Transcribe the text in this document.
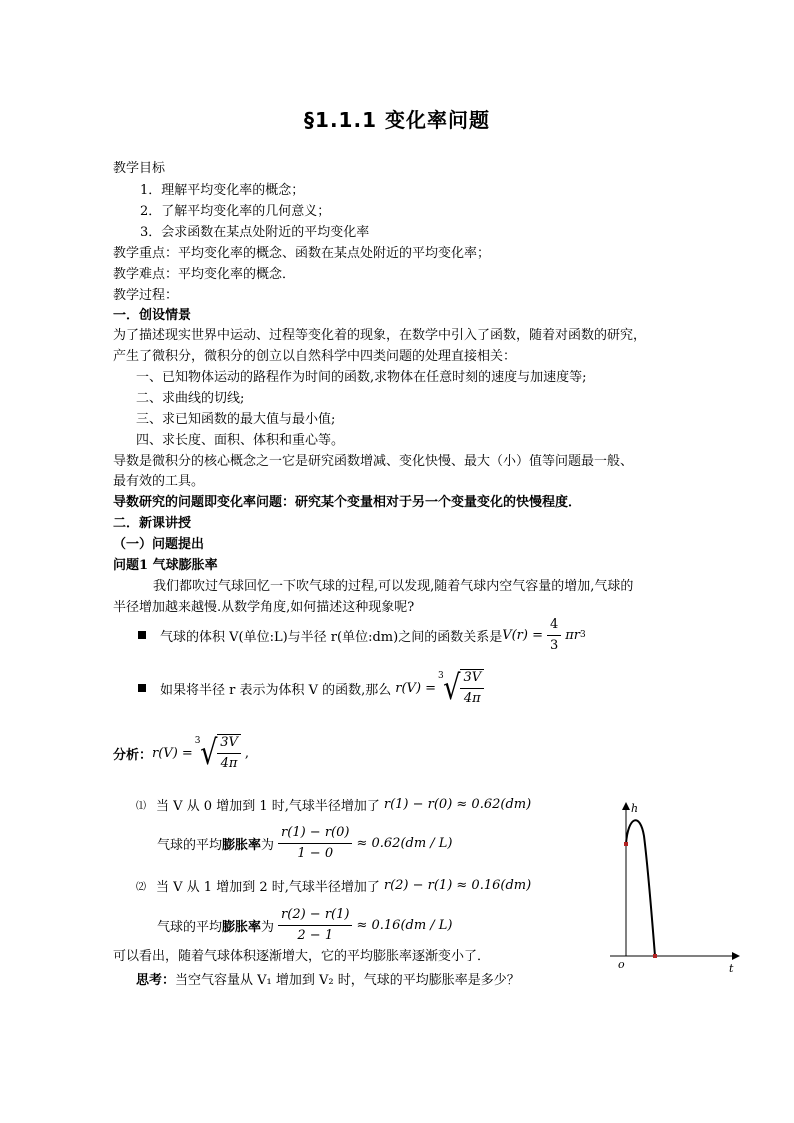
§1.1.1 变化率问题
教学目标
1．理解平均变化率的概念；
2．了解平均变化率的几何意义；
3．会求函数在某点处附近的平均变化率
教学重点：平均变化率的概念、函数在某点处附近的平均变化率；
教学难点：平均变化率的概念．
教学过程：
一．创设情景
为了描述现实世界中运动、过程等变化着的现象，在数学中引入了函数，随着对函数的研究，
产生了微积分，微积分的创立以自然科学中四类问题的处理直接相关：
一、已知物体运动的路程作为时间的函数,求物体在任意时刻的速度与加速度等;
二、求曲线的切线;
三、求已知函数的最大值与最小值;
四、求长度、面积、体积和重心等。
导数是微积分的核心概念之一它是研究函数增减、变化快慢、最大（小）值等问题最一般、
最有效的工具。
导数研究的问题即变化率问题：研究某个变量相对于另一个变量变化的快慢程度．
二．新课讲授
（一）问题提出
问题1 气球膨胀率
我们都吹过气球回忆一下吹气球的过程,可以发现,随着气球内空气容量的增加,气球的
半径增加越来越慢.从数学角度,如何描述这种现象呢?
气球的体积 V(单位:L)与半径 r(单位:dm)之间的函数关系是 $V(r) = \frac{4}{3}$ πr 3
如果将半径 r 表示为体积 V 的函数,那么 r(V) =
3 √ $\frac{3V}{4\pi}$
分析： r(V) =
3 √ $\frac{3V}{4\pi}$ ,
⑴ 当 V 从 0 增加到 1 时,气球半径增加了 r(1) − r(0) ≈ 0.62(dm)
气球的平均 膨胀率 为 $\frac{r(1) - r(0)}{1 - 0} \approx 0.62(dm / L)$
⑵ 当 V 从 1 增加到 2 时,气球半径增加了 r(2) − r(1) ≈ 0.16(dm)
气球的平均 膨胀率 为 $\frac{r(2) - r(1)}{2 - 1} \approx 0.16(dm / L)$
可以看出，随着气球体积逐渐增大，它的平均膨胀率逐渐变小了．
思考：当空气容量从 V₁ 增加到 V₂ 时，气球的平均膨胀率是多少？
h
t
o
